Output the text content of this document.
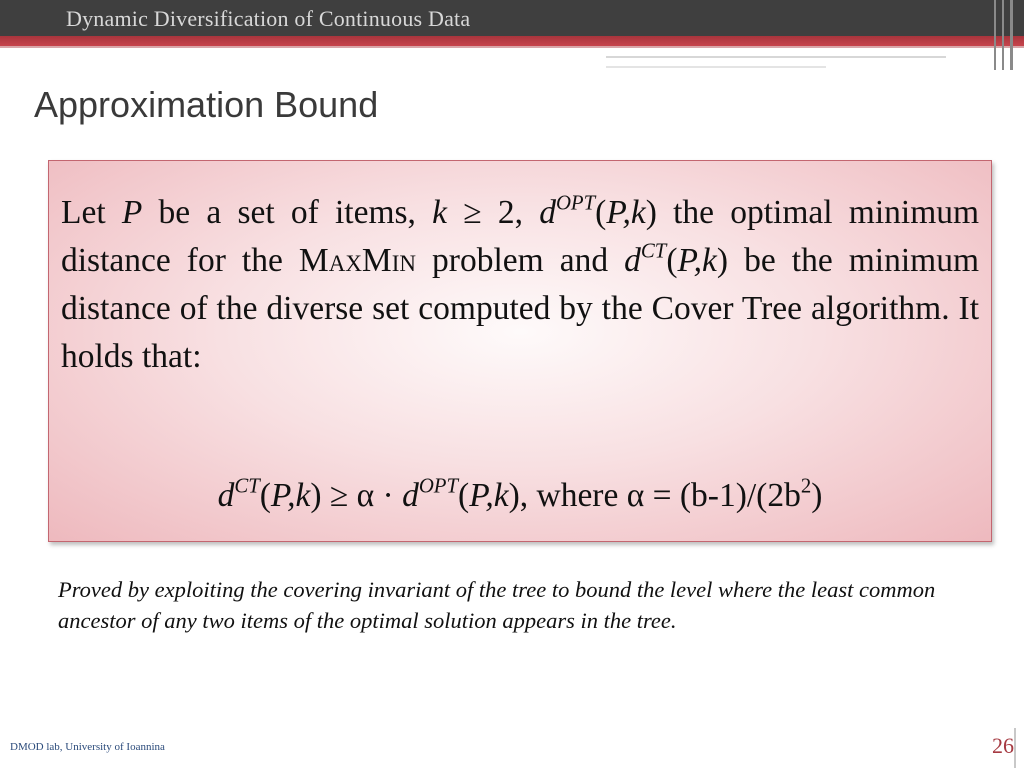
Dynamic Diversification of Continuous Data
Approximation Bound
Let P be a set of items, k ≥ 2, $d^{OPT}(P,k)$ the optimal minimum distance for the MaxMin problem and $d^{CT}(P,k)$ be the minimum distance of the diverse set computed by the Cover Tree algorithm. It holds that:
$d^{CT}(P,k) \ge \alpha \cdot d^{OPT}(P,k)$, where $\alpha = (b-1)/(2b^2)$
Proved by exploiting the covering invariant of the tree to bound the level where the least common ancestor of any two items of the optimal solution appears in the tree.
DMOD lab, University of Ioannina	26
